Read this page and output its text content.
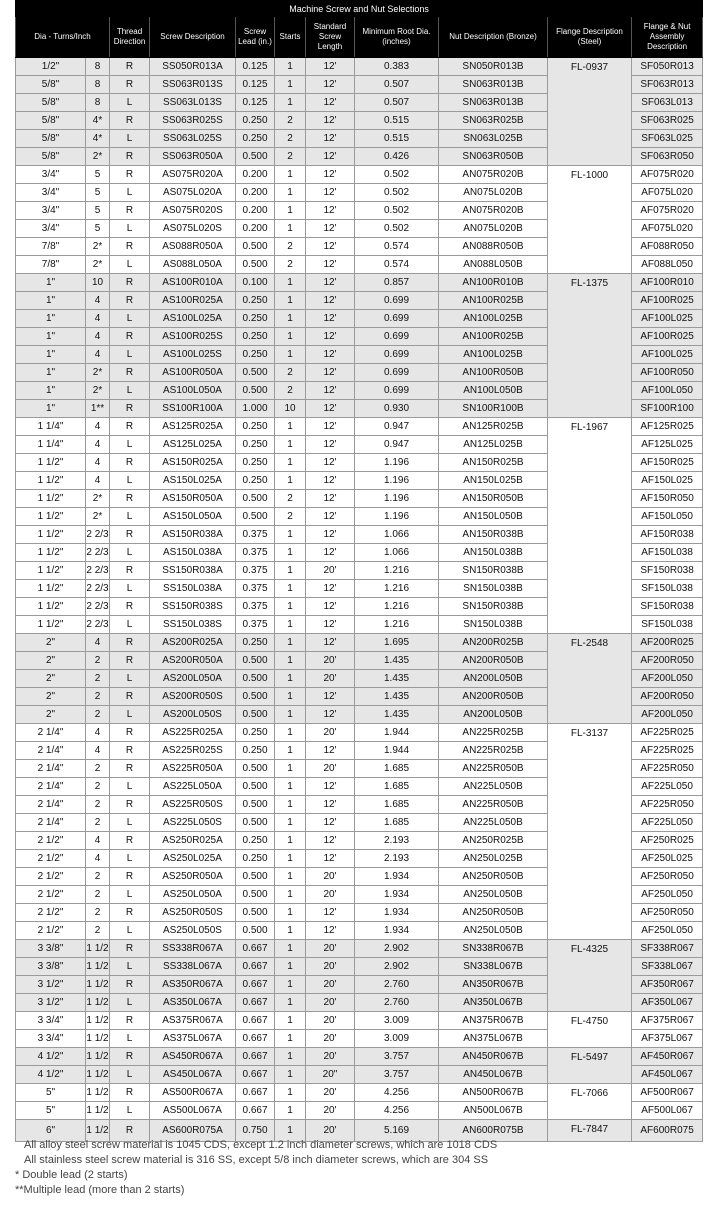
Machine Screw and Nut Selections										
Dia - Turns/Inch		Thread Direction	Screw Description	Screw Lead (in.)	Starts	Standard Screw Length	Minimum Root Dia. (inches)	Nut Description (Bronze)	Flange Description (Steel)	Flange & Nut Assembly Description
1/2"	8	R	SS050R013A	0.125	1	12'	0.383	SN050R013B	FL-0937	SF050R013
5/8"	8	R	SS063R013S	0.125	1	12'	0.507	SN063R013B		SF063R013
5/8"	8	L	SS063L013S	0.125	1	12'	0.507	SN063R013B		SF063L013
5/8"	4*	R	SS063R025S	0.250	2	12'	0.515	SN063R025B		SF063R025
5/8"	4*	L	SS063L025S	0.250	2	12'	0.515	SN063L025B		SF063L025
5/8"	2*	R	SS063R050A	0.500	2	12'	0.426	SN063R050B		SF063R050
3/4"	5	R	AS075R020A	0.200	1	12'	0.502	AN075R020B	FL-1000	AF075R020
3/4"	5	L	AS075L020A	0.200	1	12'	0.502	AN075L020B		AF075L020
3/4"	5	R	AS075R020S	0.200	1	12'	0.502	AN075R020B		AF075R020
3/4"	5	L	AS075L020S	0.200	1	12'	0.502	AN075L020B		AF075L020
7/8"	2*	R	AS088R050A	0.500	2	12'	0.574	AN088R050B		AF088R050
7/8"	2*	L	AS088L050A	0.500	2	12'	0.574	AN088L050B		AF088L050
1"	10	R	AS100R010A	0.100	1	12'	0.857	AN100R010B	FL-1375	AF100R010
1"	4	R	AS100R025A	0.250	1	12'	0.699	AN100R025B		AF100R025
1"	4	L	AS100L025A	0.250	1	12'	0.699	AN100L025B		AF100L025
1"	4	R	AS100R025S	0.250	1	12'	0.699	AN100R025B		AF100R025
1"	4	L	AS100L025S	0.250	1	12'	0.699	AN100L025B		AF100L025
1"	2*	R	AS100R050A	0.500	2	12'	0.699	AN100R050B		AF100R050
1"	2*	L	AS100L050A	0.500	2	12'	0.699	AN100L050B		AF100L050
1"	1**	R	SS100R100A	1.000	10	12'	0.930	SN100R100B		SF100R100
1 1/4"	4	R	AS125R025A	0.250	1	12'	0.947	AN125R025B	FL-1967	AF125R025
1 1/4"	4	L	AS125L025A	0.250	1	12'	0.947	AN125L025B		AF125L025
1 1/2"	4	R	AS150R025A	0.250	1	12'	1.196	AN150R025B		AF150R025
1 1/2"	4	L	AS150L025A	0.250	1	12'	1.196	AN150L025B		AF150L025
1 1/2"	2*	R	AS150R050A	0.500	2	12'	1.196	AN150R050B		AF150R050
1 1/2"	2*	L	AS150L050A	0.500	2	12'	1.196	AN150L050B		AF150L050
1 1/2"	2 2/3	R	AS150R038A	0.375	1	12'	1.066	AN150R038B		AF150R038
1 1/2"	2 2/3	L	AS150L038A	0.375	1	12'	1.066	AN150L038B		AF150L038
1 1/2"	2 2/3	R	SS150R038A	0.375	1	20'	1.216	SN150R038B		SF150R038
1 1/2"	2 2/3	L	SS150L038A	0.375	1	12'	1.216	SN150L038B		SF150L038
1 1/2"	2 2/3	R	SS150R038S	0.375	1	12'	1.216	SN150R038B		SF150R038
1 1/2"	2 2/3	L	SS150L038S	0.375	1	12'	1.216	SN150L038B		SF150L038
2"	4	R	AS200R025A	0.250	1	12'	1.695	AN200R025B	FL-2548	AF200R025
2"	2	R	AS200R050A	0.500	1	20'	1.435	AN200R050B		AF200R050
2"	2	L	AS200L050A	0.500	1	20'	1.435	AN200L050B		AF200L050
2"	2	R	AS200R050S	0.500	1	12'	1.435	AN200R050B		AF200R050
2"	2	L	AS200L050S	0.500	1	12'	1.435	AN200L050B		AF200L050
2 1/4"	4	R	AS225R025A	0.250	1	20'	1.944	AN225R025B	FL-3137	AF225R025
2 1/4"	4	R	AS225R025S	0.250	1	12'	1.944	AN225R025B		AF225R025
2 1/4"	2	R	AS225R050A	0.500	1	20'	1.685	AN225R050B		AF225R050
2 1/4"	2	L	AS225L050A	0.500	1	12'	1.685	AN225L050B		AF225L050
2 1/4"	2	R	AS225R050S	0.500	1	12'	1.685	AN225R050B		AF225R050
2 1/4"	2	L	AS225L050S	0.500	1	12'	1.685	AN225L050B		AF225L050
2 1/2"	4	R	AS250R025A	0.250	1	12'	2.193	AN250R025B		AF250R025
2 1/2"	4	L	AS250L025A	0.250	1	12'	2.193	AN250L025B		AF250L025
2 1/2"	2	R	AS250R050A	0.500	1	20'	1.934	AN250R050B		AF250R050
2 1/2"	2	L	AS250L050A	0.500	1	20'	1.934	AN250L050B		AF250L050
2 1/2"	2	R	AS250R050S	0.500	1	12'	1.934	AN250R050B		AF250R050
2 1/2"	2	L	AS250L050S	0.500	1	12'	1.934	AN250L050B		AF250L050
3 3/8"	1 1/2	R	SS338R067A	0.667	1	20'	2.902	SN338R067B	FL-4325	SF338R067
3 3/8"	1 1/2	L	SS338L067A	0.667	1	20'	2.902	SN338L067B		SF338L067
3 1/2"	1 1/2	R	AS350R067A	0.667	1	20'	2.760	AN350R067B		AF350R067
3 1/2"	1 1/2	L	AS350L067A	0.667	1	20'	2.760	AN350L067B		AF350L067
3 3/4"	1 1/2	R	AS375R067A	0.667	1	20'	3.009	AN375R067B	FL-4750	AF375R067
3 3/4"	1 1/2	L	AS375L067A	0.667	1	20'	3.009	AN375L067B		AF375L067
4 1/2"	1 1/2	R	AS450R067A	0.667	1	20'	3.757	AN450R067B	FL-5497	AF450R067
4 1/2"	1 1/2	L	AS450L067A	0.667	1	20"	3.757	AN450L067B		AF450L067
5"	1 1/2	R	AS500R067A	0.667	1	20'	4.256	AN500R067B	FL-7066	AF500R067
5"	1 1/2	L	AS500L067A	0.667	1	20'	4.256	AN500L067B		AF500L067
6"	1 1/2	R	AS600R075A	0.750	1	20'	5.169	AN600R075B	FL-7847	AF600R075
All alloy steel screw material is 1045 CDS, except 1.2 inch diameter screws, which are 1018 CDS
All stainless steel screw material is 316 SS, except 5/8 inch diameter screws, which are 304 SS
* Double lead (2 starts)
**Multiple lead (more than 2 starts)
